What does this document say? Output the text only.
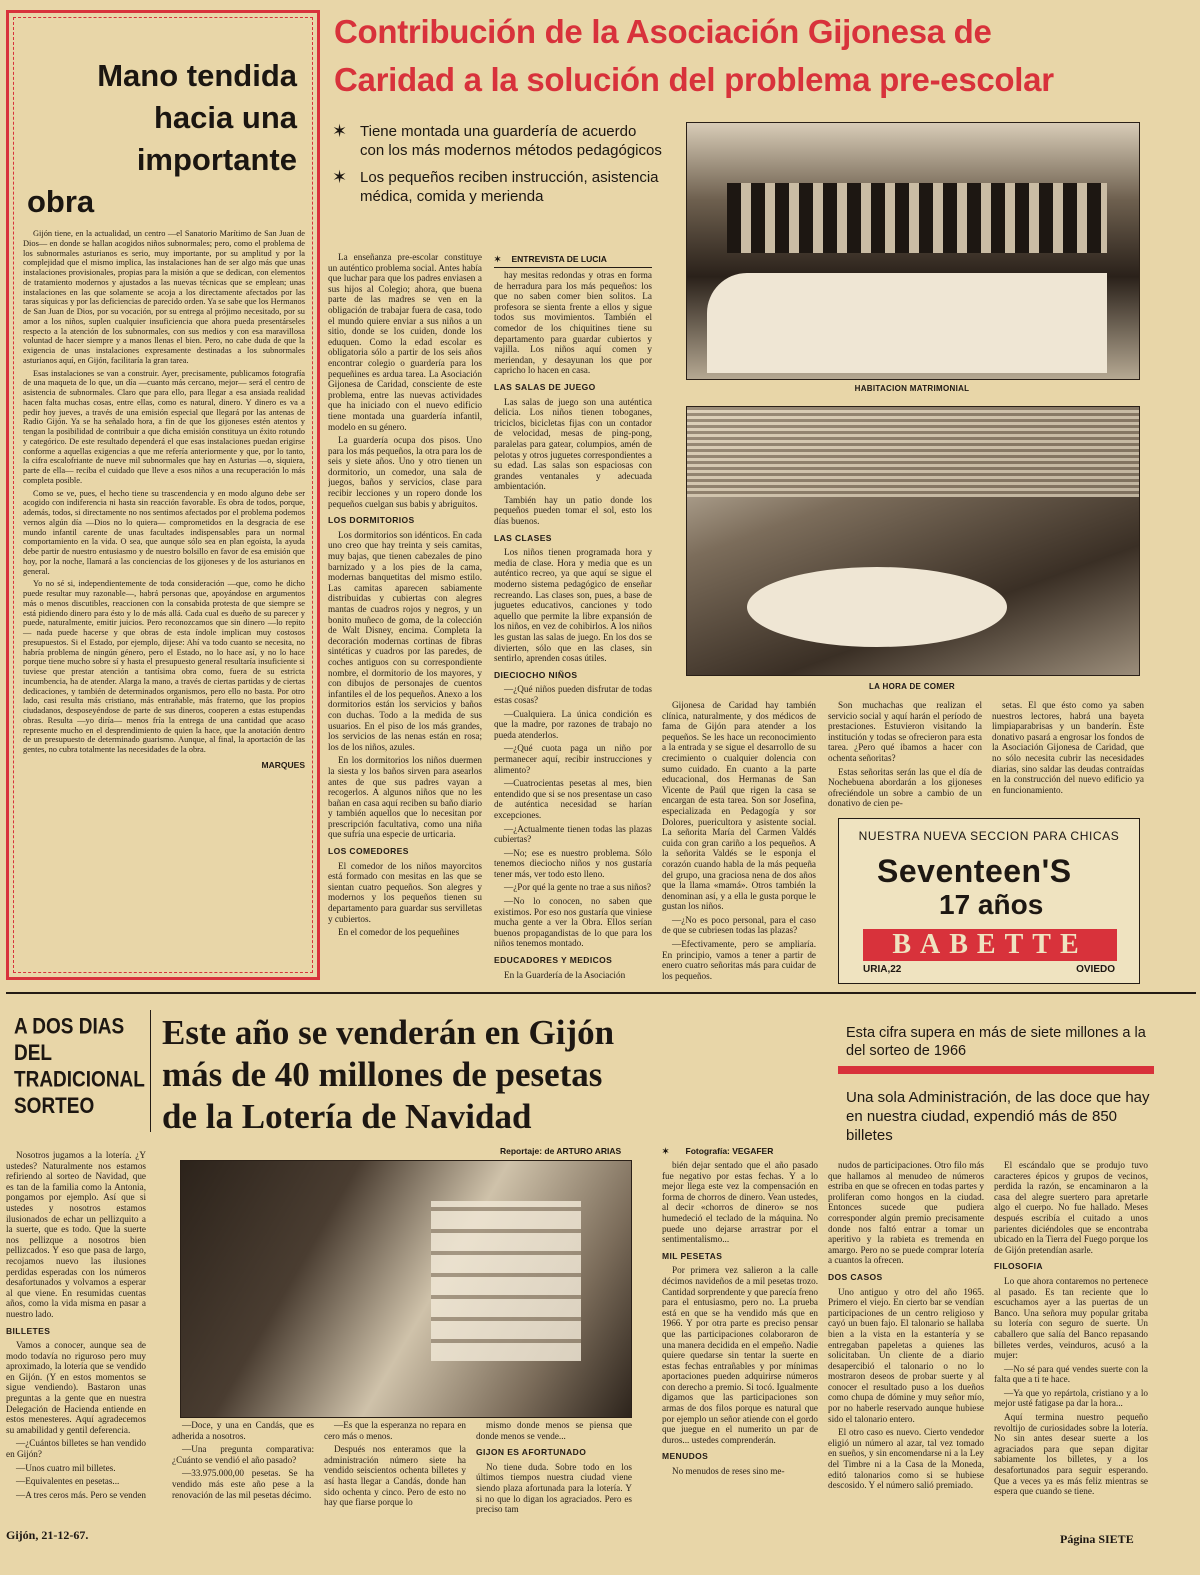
Mano tendida
hacia una
importante
obra

Gijón tiene, en la actualidad, un centro —el Sanatorio Marítimo de San Juan de Dios— en donde se hallan acogidos niños subnormales; pero, como el problema de los subnormales asturianos es serio, muy importante, por su amplitud y por la complejidad que el mismo implica, las instalaciones han de ser algo más que unas instalaciones provisionales, propias para la misión a que se dedican, con elementos de tratamiento modernos y ajustados a las nuevas técnicas que se emplean; unas instalaciones en las que solamente se acoja a los directamente afectados por las taras síquicas y por las deficiencias de parecido orden. Ya se sabe que los Hermanos de San Juan de Dios, por su vocación, por su entrega al prójimo necesitado, por su amor a los niños, suplen cualquier insuficiencia que ahora pueda presentárseles respecto a la atención de los subnormales, con sus medios y con esa maravillosa voluntad de hacer siempre y a manos llenas el bien. Pero, no cabe duda de que la exigencia de unas instalaciones expresamente destinadas a los subnormales asturianos aquí, en Gijón, facilitaría la gran tarea.

Esas instalaciones se van a construir. Ayer, precisamente, publicamos fotografía de una maqueta de lo que, un día —cuanto más cercano, mejor— será el centro de asistencia de subnormales. Claro que para ello, para llegar a esa ansiada realidad hacen falta muchas cosas, entre ellas, como es natural, dinero. Y dinero es va a pedir hoy jueves, a través de una emisión especial que llegará por las antenas de Radio Gijón. Ya se ha señalado hora, a fin de que los gijoneses estén atentos y tengan la posibilidad de contribuir a que dicha emisión constituya un éxito rotundo y categórico. De este resultado dependerá el que esas instalaciones puedan erigirse conforme a aquellas exigencias a que me refería anteriormente y que, por lo tanto, la cifra escalofriante de nueve mil subnormales que hay en Asturias —o, siquiera, parte de ella— reciba el cuidado que lleve a esos niños a una recuperación lo más completa posible.

Como se ve, pues, el hecho tiene su trascendencia y en modo alguno debe ser acogido con indiferencia ni hasta sin reacción favorable. Es obra de todos, porque, además, todos, si directamente no nos sentimos afectados por el problema podemos vernos algún día —Dios no lo quiera— comprometidos en la desgracia de ese mundo infantil carente de unas facultades indispensables para un normal comportamiento en la vida. O sea, que aunque sólo sea en plan egoísta, la ayuda debe partir de nuestro entusiasmo y de nuestro bolsillo en favor de esa emisión que hoy, por la noche, llamará a las conciencias de los gijoneses y de los asturianos en general.

Yo no sé si, independientemente de toda consideración —que, como he dicho puede resultar muy razonable—, habrá personas que, apoyándose en argumentos más o menos discutibles, reaccionen con la consabida protesta de que siempre se está pidiendo dinero para ésto y lo de más allá. Cada cual es dueño de su parecer y puede, naturalmente, emitir juicios. Pero reconozcamos que sin dinero —lo repito— nada puede hacerse y que obras de esta índole implican muy costosos presupuestos. Si el Estado, por ejemplo, dijese: Ahí va todo cuanto se necesita, no habría problema de ningún género, pero el Estado, no lo hace así, y no lo hace porque tiene mucho sobre sí y hasta el presupuesto general resultaría insuficiente si tuviese que prestar atención a tantísima obra como, fuera de su estricta incumbencia, ha de atender. Alarga la mano, a través de ciertas partidas y de ciertas dedicaciones, y también de determinados organismos, pero ello no basta. Por otro lado, casi resulta más cristiano, más entrañable, más fraterno, que los propios ciudadanos, desposeyéndose de parte de sus dineros, cooperen a estas estupendas obras. Resulta —yo diría— menos fría la entrega de una cantidad que acaso represente mucho en el desprendimiento de quien la hace, que la anotación dentro de un presupuesto de determinado guarismo. Aunque, al final, la aportación de las gentes, no cubra totalmente las necesidades de la obra.

MARQUES
Contribución de la Asociación Gijonesa de
Caridad a la solución del problema pre-escolar
✶ Tiene montada una guardería de acuerdo con los más modernos métodos pedagógicos
✶ Los pequeños reciben instrucción, asistencia médica, comida y merienda

La enseñanza pre-escolar constituye un auténtico problema social. Antes había que luchar para que los padres enviasen a sus hijos al Colegio; ahora, que buena parte de las madres se ven en la obligación de trabajar fuera de casa, todo el mundo quiere enviar a sus niños a un sitio, donde se los cuiden, donde los eduquen. Como la edad escolar es obligatoria sólo a partir de los seis años encontrar colegio o guardería para los pequeñines es ardua tarea. La Asociación Gijonesa de Caridad, consciente de este problema, entre las nuevas actividades que ha iniciado con el nuevo edificio tiene montada una guardería infantil, modelo en su género.

La guardería ocupa dos pisos. Uno para los más pequeños, la otra para los de seis y siete años. Uno y otro tienen un dormitorio, un comedor, una sala de juegos, baños y servicios, clase para recibir lecciones y un ropero donde los pequeños cuelgan sus babis y abriguitos.

LOS DORMITORIOS

Los dormitorios son idénticos. En cada uno creo que hay treinta y seis camitas, muy bajas, que tienen cabezales de pino barnizado y a los pies de la cama, modernas banquetitas del mismo estilo. Las camitas aparecen sabiamente distribuidas y cubiertas con alegres mantas de cuadros rojos y negros, y un bonito muñeco de goma, de la colección de Walt Disney, encima. Completa la decoración modernas cortinas de fibras sintéticas y cuadros por las paredes, de coches antiguos con su correspondiente nombre, el dormitorio de los mayores, y con dibujos de personajes de cuentos infantiles el de los pequeños. Anexo a los dormitorios están los servicios y baños con duchas. Todo a la medida de sus usuarios. En el piso de los más grandes, los servicios de las nenas están en rosa; los de los niños, azules.

En los dormitorios los niños duermen la siesta y los baños sirven para asearlos antes de que sus padres vayan a recogerlos. A algunos niños que no les bañan en casa aquí reciben su baño diario y también aquellos que lo necesitan por prescripción facultativa, como una niña que sufría una especie de urticaria.

LOS COMEDORES

El comedor de los niños mayorcitos está formado con mesitas en las que se sientan cuatro pequeños. Son alegres y modernos y los pequeños tienen su departamento para guardar sus servilletas y cubiertos.

En el comedor de los pequeñines

✶ ENTREVISTA DE LUCIA

hay mesitas redondas y otras en forma de herradura para los más pequeños: los que no saben comer bien solitos. La profesora se sienta frente a ellos y sigue todos sus movimientos. También el comedor de los chiquitines tiene su departamento para guardar cubiertos y vajilla. Los niños aquí comen y meriendan, y desayunan los que por capricho lo hacen en casa.

LAS SALAS DE JUEGO

Las salas de juego son una auténtica delicia. Los niños tienen toboganes, triciclos, bicicletas fijas con un contador de velocidad, mesas de ping-pong, paralelas para gatear, columpios, amén de pelotas y otros juguetes correspondientes a su edad. Las salas son espaciosas con grandes ventanales y adecuada ambientación.

También hay un patio donde los pequeños pueden tomar el sol, esto los días buenos.

LAS CLASES

Los niños tienen programada hora y media de clase. Hora y media que es un auténtico recreo, ya que aquí se sigue el moderno sistema pedagógico de enseñar recreando. Las clases son, pues, a base de juguetes educativos, canciones y todo aquello que permite la libre expansión de los niños, en vez de cohibirlos. A los niños les gustan las salas de juego. En los dos se divierten, sólo que en las clases, sin sentirlo, aprenden cosas útiles.

DIECIOCHO NIÑOS

—¿Qué niños pueden disfrutar de todas estas cosas?

—Cualquiera. La única condición es que la madre, por razones de trabajo no pueda atenderlos.

—¿Qué cuota paga un niño por permanecer aquí, recibir instrucciones y alimento?

—Cuatrocientas pesetas al mes, bien entendido que si se nos presentase un caso de auténtica necesidad se harían excepciones.

—¿Actualmente tienen todas las plazas cubiertas?

—No; ese es nuestro problema. Sólo tenemos dieciocho niños y nos gustaría tener más, ver todo esto lleno.

—¿Por qué la gente no trae a sus niños?

—No lo conocen, no saben que existimos. Por eso nos gustaría que viniese mucha gente a ver la Obra. Ellos serían buenos propagandistas de lo que para los niños tenemos montado.

EDUCADORES Y MEDICOS

En la Guardería de la Asociación

HABITACION MATRIMONIAL
LA HORA DE COMER

Gijonesa de Caridad hay también clínica, naturalmente, y dos médicos de fama de Gijón para atender a los pequeños. Se les hace un reconocimiento a la entrada y se sigue el desarrollo de su crecimiento o cualquier dolencia con sumo cuidado. En cuanto a la parte educacional, dos Hermanas de San Vicente de Paúl que rigen la casa se encargan de esta tarea. Son sor Josefina, especializada en Pedagogía y sor Dolores, puericultora y asistente social. La señorita María del Carmen Valdés cuida con gran cariño a los pequeños. A la señorita Valdés se le esponja el corazón cuando habla de la más pequeña del grupo, una graciosa nena de dos años que la llama «mamá». Otros también la denominan así, y a ella le gusta porque le gustan los niños.

—¿No es poco personal, para el caso de que se cubriesen todas las plazas?

—Efectivamente, pero se ampliaría. En principio, vamos a tener a partir de enero cuatro señoritas más para cuidar de los pequeños.

Son muchachas que realizan el servicio social y aquí harán el período de prestaciones. Estuvieron visitando la institución y todas se ofrecieron para esta tarea. ¿Pero qué ibamos a hacer con ochenta señoritas?

Estas señoritas serán las que el día de Nochebuena abordarán a los gijoneses ofreciéndole un sobre a cambio de un donativo de cien pe-

setas. El que ésto como ya saben nuestros lectores, habrá una bayeta limpiaparabrisas y un banderín. Este donativo pasará a engrosar los fondos de la Asociación Gijonesa de Caridad, que no sólo necesita cubrir las necesidades diarias, sino saldar las deudas contraídas en la construcción del nuevo edificio ya en funcionamiento.

NUESTRA NUEVA SECCION PARA CHICAS
Seventeen'S
17 años
BABETTE
URIA,22	OVIEDO
A DOS DIAS
DEL
TRADICIONAL
SORTEO
Este año se venderán en Gijón
más de 40 millones de pesetas
de la Lotería de Navidad
Esta cifra supera en más de siete millones a la del sorteo de 1966
Una sola Administración, de las doce que hay en nuestra ciudad, expendió más de 850 billetes
Reportaje: de ARTURO ARIAS	✶ Fotografía: VEGAFER

Nosotros jugamos a la lotería. ¿Y ustedes? Naturalmente nos estamos refiriendo al sorteo de Navidad, que es tan de la familia como la Antonia, pongamos por ejemplo. Así que si ustedes y nosotros estamos ilusionados de echar un pellizquito a la suerte, que es todo. Que la suerte nos pellizque a nosotros bien pellizcados. Y eso que pasa de largo, recojamos nuevo las ilusiones perdidas esperadas con los números desafortunados y volvamos a esperar al que viene. En resumidas cuentas años, como la vida misma en pasar a nuestro lado.

BILLETES

Vamos a conocer, aunque sea de modo todavía no riguroso pero muy aproximado, la lotería que se vendido en Gijón. (Y en estos momentos se sigue vendiendo). Bastaron unas preguntas a la gente que en nuestra Delegación de Hacienda entiende en estos menesteres. Aquí agradecemos su amabilidad y gentil deferencia.

—¿Cuántos billetes se han vendido en Gijón?

—Unos cuatro mil billetes.

—Equivalentes en pesetas...

—A tres ceros más. Pero se venden

—Doce, y una en Candás, que es adherida a nosotros.

—Una pregunta comparativa: ¿Cuánto se vendió el año pasado?

—33.975.000,00 pesetas. Se ha vendido más este año pese a la renovación de las mil pesetas décimo.

—Es que la esperanza no repara en cero más o menos.

Después nos enteramos que la administración número siete ha vendido seiscientos ochenta billetes y así hasta llegar a Candás, donde han sido ochenta y cinco. Pero de esto no hay que fiarse porque lo

mismo donde menos se piensa que donde menos se vende...

GIJON ES AFORTUNADO

No tiene duda. Sobre todo en los últimos tiempos nuestra ciudad viene siendo plaza afortunada para la lotería. Y si no que lo digan los agraciados. Pero es preciso tam

bién dejar sentado que el año pasado fue negativo por estas fechas. Y a lo mejor llega este vez la compensación en forma de chorros de dinero. Vean ustedes, al decir «chorros de dinero» se nos humedeció el teclado de la máquina. No puede uno dejarse arrastrar por el sentimentalismo...

MIL PESETAS

Por primera vez salieron a la calle décimos navideños de a mil pesetas trozo. Cantidad sorprendente y que parecía freno para el entusiasmo, pero no. La prueba está en que se ha vendido más que en 1966. Y por otra parte es preciso pensar que las participaciones colaboraron de una manera decidida en el empeño. Nadie quiere quedarse sin tentar la suerte en estas fechas entrañables y por mínimas aportaciones pueden adquirirse números con derecho a premio. Si tocó. Igualmente digamos que las participaciones son armas de dos filos porque es natural que por ejemplo un señor atiende con el gordo que juegue en el numerito un par de duros... ustedes comprenderán.

MENUDOS

No menudos de reses sino me-

nudos de participaciones. Otro filo más que hallamos al menudeo de números estriba en que se ofrecen en todas partes y proliferan como hongos en la ciudad. Entonces sucede que pudiera corresponder algún premio precisamente donde nos faltó entrar a tomar un aperitivo y la rabieta es tremenda en amargo. Pero no se puede comprar lotería a cuantos la ofrecen.

DOS CASOS

Uno antiguo y otro del año 1965. Primero el viejo. En cierto bar se vendían participaciones de un centro religioso y cayó un buen fajo. El talonario se hallaba bien a la vista en la estantería y se entregaban papeletas a quienes las solicitaban. Un cliente de a diario desapercibió el talonario o no lo mostraron deseos de probar suerte y al conocer el resultado puso a los dueños como chupa de dómine y muy señor mío, por no haberle reservado aunque hubiese sido el talonario entero.

El otro caso es nuevo. Cierto vendedor eligió un número al azar, tal vez tomado en sueños, y sin encomendarse ni a la Ley del Timbre ni a la Casa de la Moneda, editó talonarios como si se hubiese descosido. Y el número salió premiado.

El escándalo que se produjo tuvo caracteres épicos y grupos de vecinos, perdida la razón, se encaminaron a la casa del alegre suertero para apretarle algo el cuerpo. No fue hallado. Meses después escribía el cuitado a unos parientes diciéndoles que se encontraba ubicado en la Tierra del Fuego porque los de Gijón pretendían asarle.

FILOSOFIA

Lo que ahora contaremos no pertenece al pasado. Es tan reciente que lo escuchamos ayer a las puertas de un Banco. Una señora muy popular gritaba su lotería con seguro de suerte. Un caballero que salía del Banco repasando billetes verdes, veinduros, acusó a la mujer:

—No sé para qué vendes suerte con la falta que a ti te hace.

—Ya que yo repártola, cristiano y a lo mejor usté fatigase pa dar la hora...

Aquí termina nuestro pequeño revoltijo de curiosidades sobre la lotería. No sin antes desear suerte a los agraciados para que sepan digitar sabiamente los billetes, y a los desafortunados para seguir esperando. Que a veces ya es más feliz mientras se espera que cuando se tiene.

Gijón, 21-12-67.	Página SIETE
